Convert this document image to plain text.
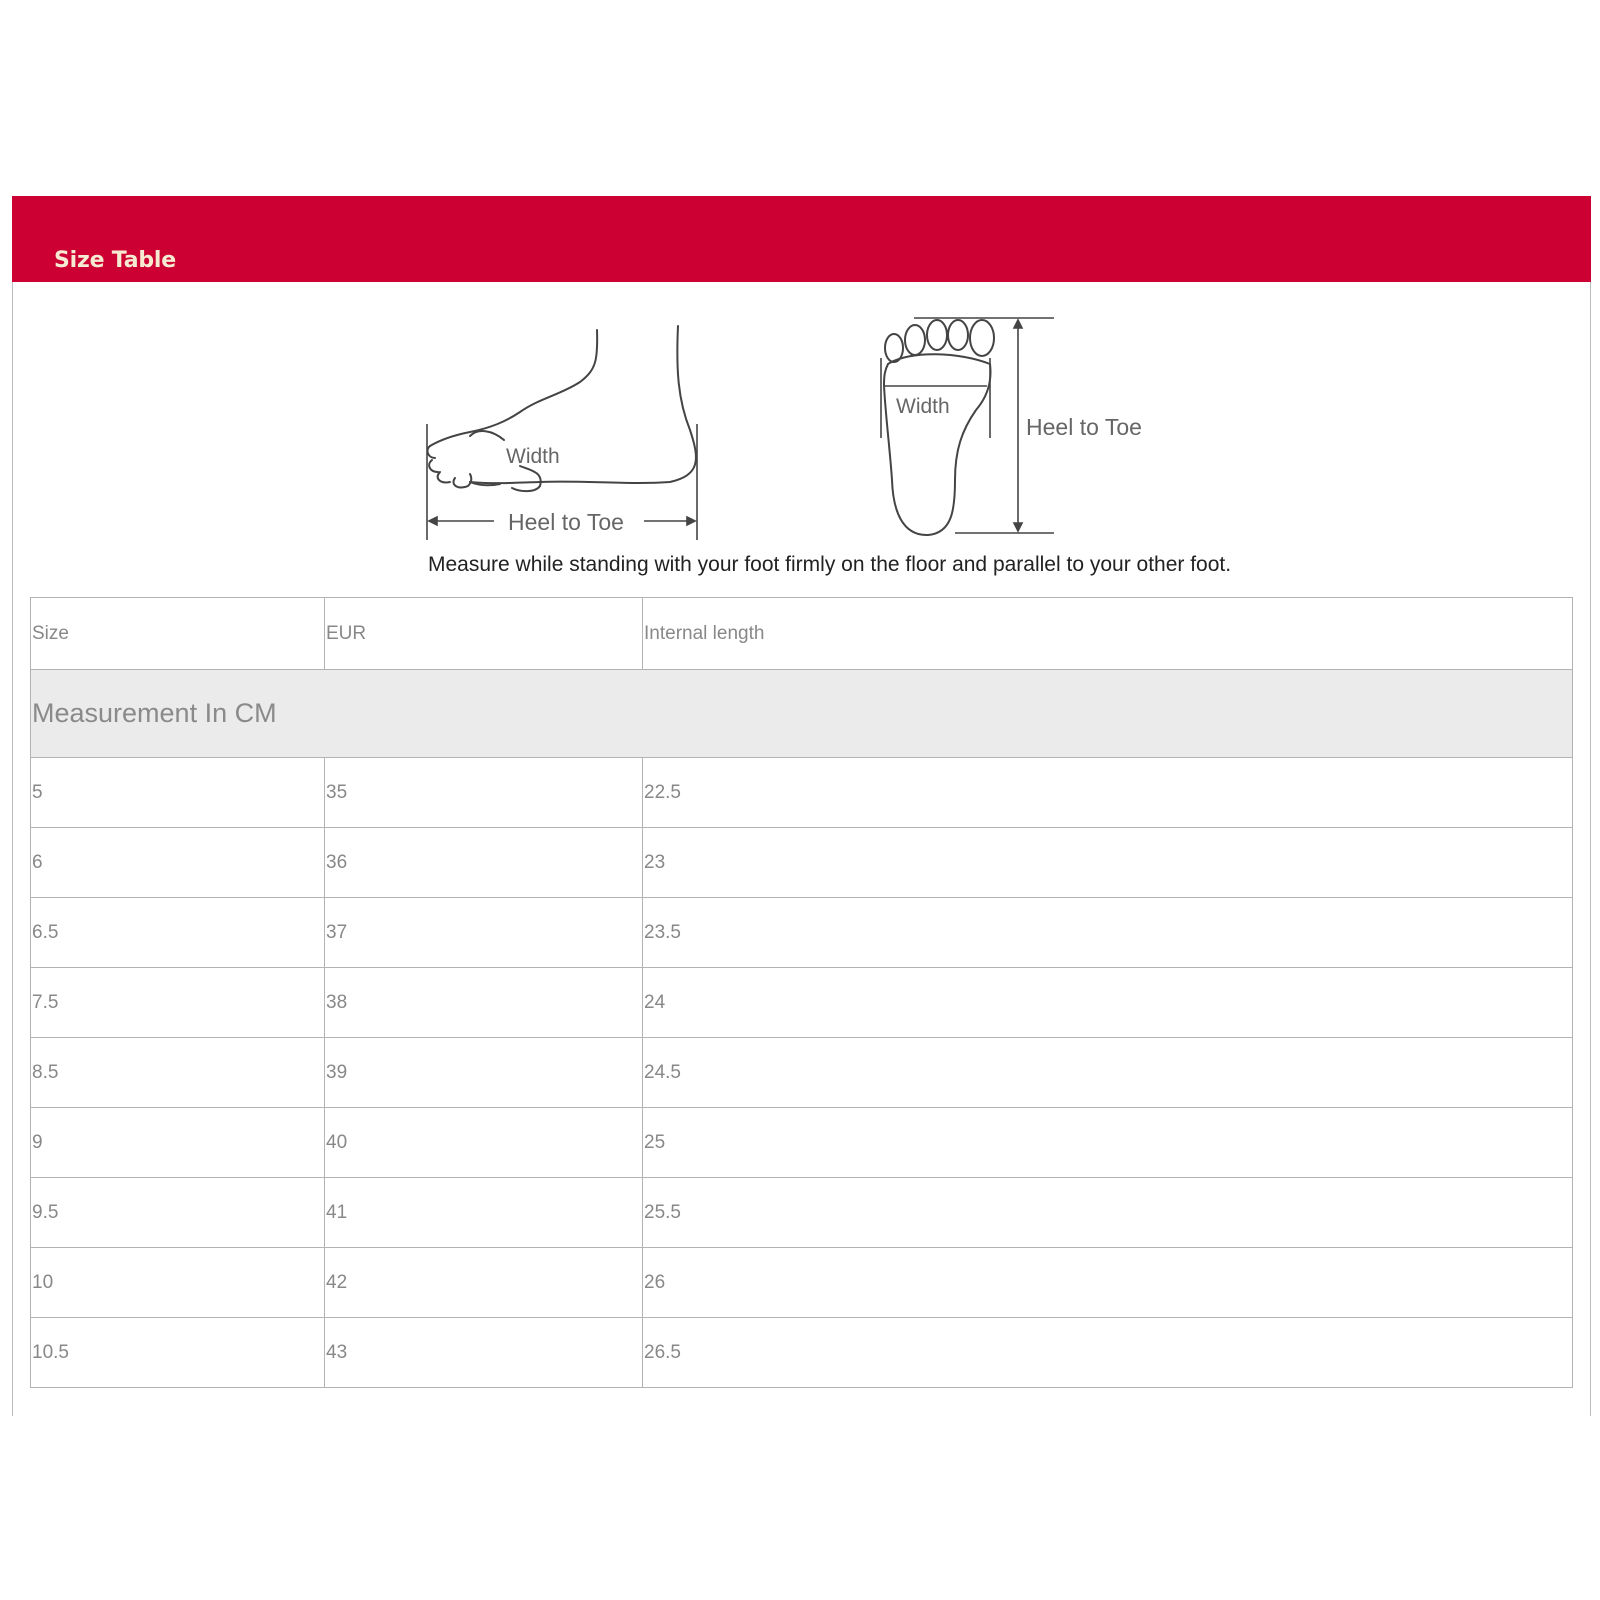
Size Table
Width
Heel to Toe
Width
Heel to Toe
Measure while standing with your foot firmly on the floor and parallel to your other foot.
Size	EUR	Internal length
Measurement In CM		
5	35	22.5
6	36	23
6.5	37	23.5
7.5	38	24
8.5	39	24.5
9	40	25
9.5	41	25.5
10	42	26
10.5	43	26.5
